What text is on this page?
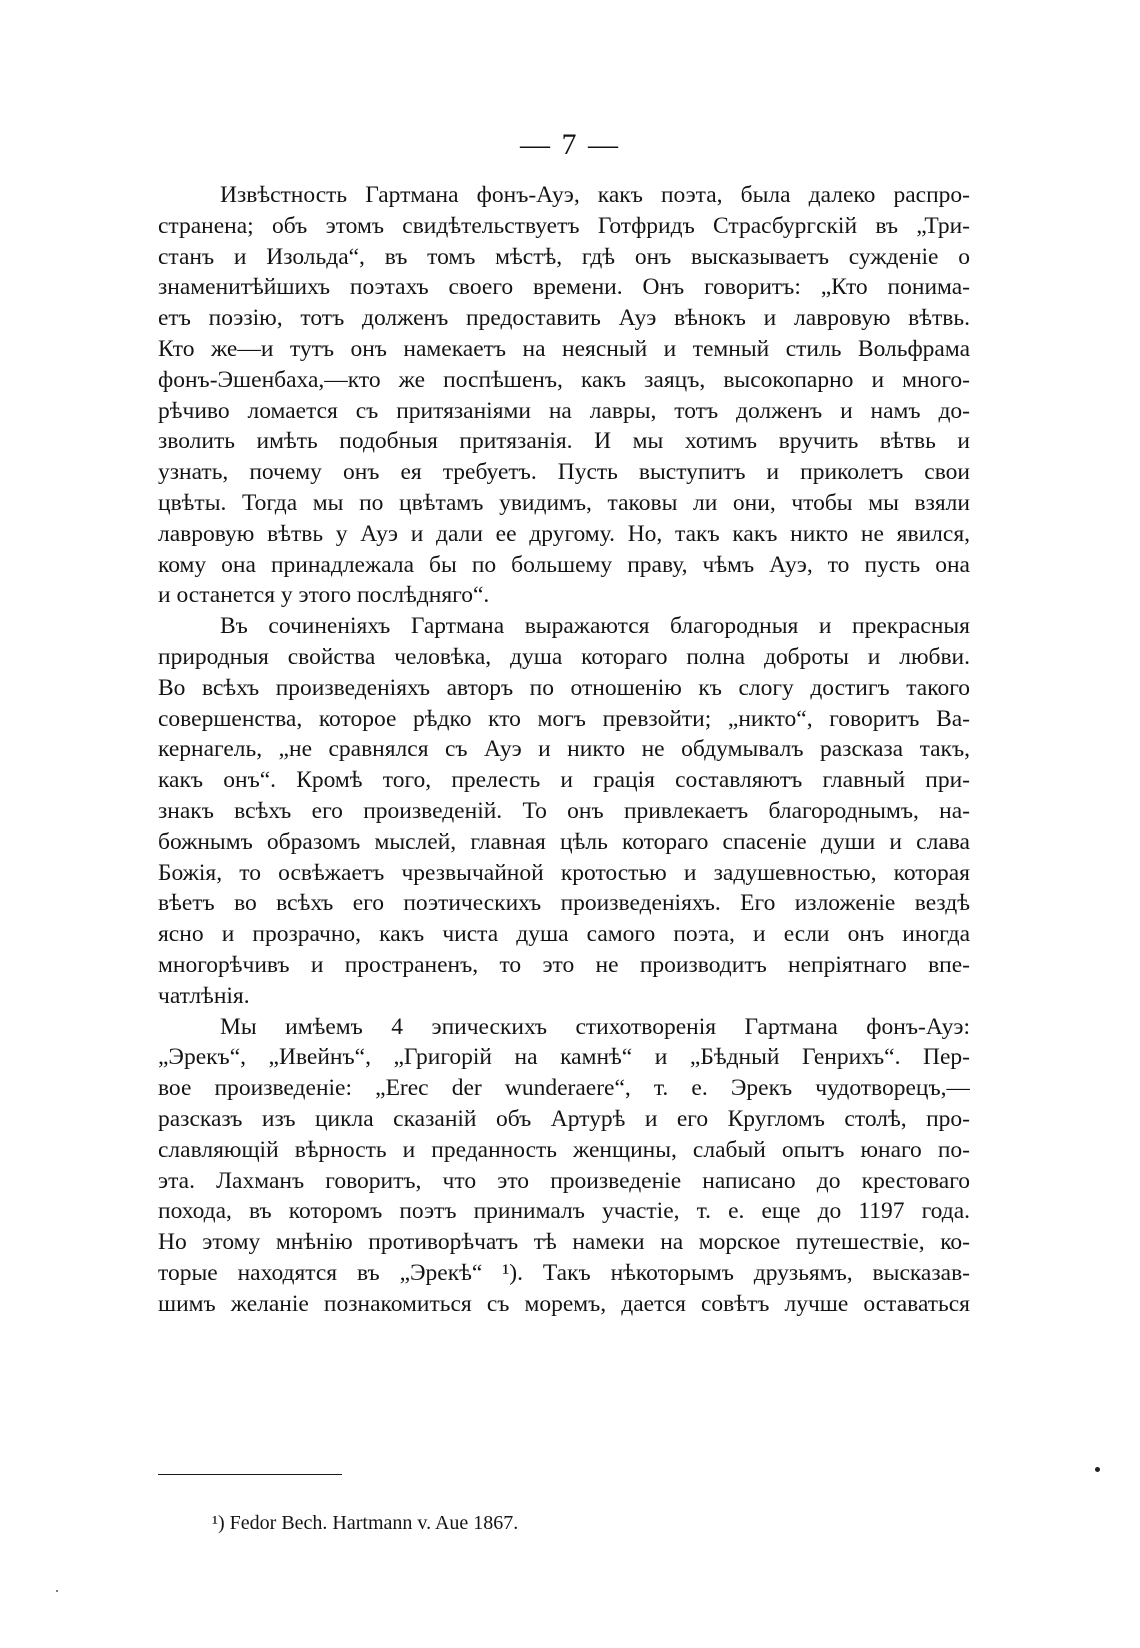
— 7 —
Извѣстность Гартмана фонъ-Ауэ, какъ поэта, была далеко распро-
странена; объ этомъ свидѣтельствуетъ Готфридъ Страсбургскій въ „Три-
станъ и Изольда“, въ томъ мѣстѣ, гдѣ онъ высказываетъ сужденіе о
знаменитѣйшихъ поэтахъ своего времени. Онъ говоритъ: „Кто понима-
етъ поэзію, тотъ долженъ предоставить Ауэ вѣнокъ и лавровую вѣтвь.
Кто же—и тутъ онъ намекаетъ на неясный и темный стиль Вольфрама
фонъ-Эшенбаха,—кто же поспѣшенъ, какъ заяцъ, высокопарно и много-
рѣчиво ломается съ притязаніями на лавры, тотъ долженъ и намъ до-
зволить имѣть подобныя притязанія. И мы хотимъ вручить вѣтвь и
узнать, почему онъ ея требуетъ. Пусть выступитъ и приколетъ свои
цвѣты. Тогда мы по цвѣтамъ увидимъ, таковы ли они, чтобы мы взяли
лавровую вѣтвь у Ауэ и дали ее другому. Но, такъ какъ никто не явился,
кому она принадлежала бы по большему праву, чѣмъ Ауэ, то пусть она
и останется у этого послѣдняго“.
Въ сочиненіяхъ Гартмана выражаются благородныя и прекрасныя
природныя свойства человѣка, душа котораго полна доброты и любви.
Во всѣхъ произведеніяхъ авторъ по отношенію къ слогу достигъ такого
совершенства, которое рѣдко кто могъ превзойти; „никто“, говоритъ Ва-
кернагель, „не сравнялся съ Ауэ и никто не обдумывалъ разсказа такъ,
какъ онъ“. Кромѣ того, прелесть и грація составляютъ главный при-
знакъ всѣхъ его произведеній. То онъ привлекаетъ благороднымъ, на-
божнымъ образомъ мыслей, главная цѣль котораго спасеніе души и слава
Божія, то освѣжаетъ чрезвычайной кротостью и задушевностью, которая
вѣетъ во всѣхъ его поэтическихъ произведеніяхъ. Его изложеніе вездѣ
ясно и прозрачно, какъ чиста душа самого поэта, и если онъ иногда
многорѣчивъ и пространенъ, то это не производитъ непріятнаго впе-
чатлѣнія.
Мы имѣемъ 4 эпическихъ стихотворенія Гартмана фонъ-Ауэ:
„Эрекъ“, „Ивейнъ“, „Григорій на камнѣ“ и „Бѣдный Генрихъ“. Пер-
вое произведеніе: „Erec der wunderaere“, т. е. Эрекъ чудотворецъ,—
разсказъ изъ цикла сказаній объ Артурѣ и его Кругломъ столѣ, про-
славляющій вѣрность и преданность женщины, слабый опытъ юнаго по-
эта. Лахманъ говоритъ, что это произведеніе написано до крестоваго
похода, въ которомъ поэтъ принималъ участіе, т. е. еще до 1197 года.
Но этому мнѣнію противорѣчатъ тѣ намеки на морское путешествіе, ко-
торые находятся въ „Эрекѣ“ ¹). Такъ нѣкоторымъ друзьямъ, высказав-
шимъ желаніе познакомиться съ моремъ, дается совѣтъ лучше оставаться
¹) Fedor Bech. Hartmann v. Aue 1867.
